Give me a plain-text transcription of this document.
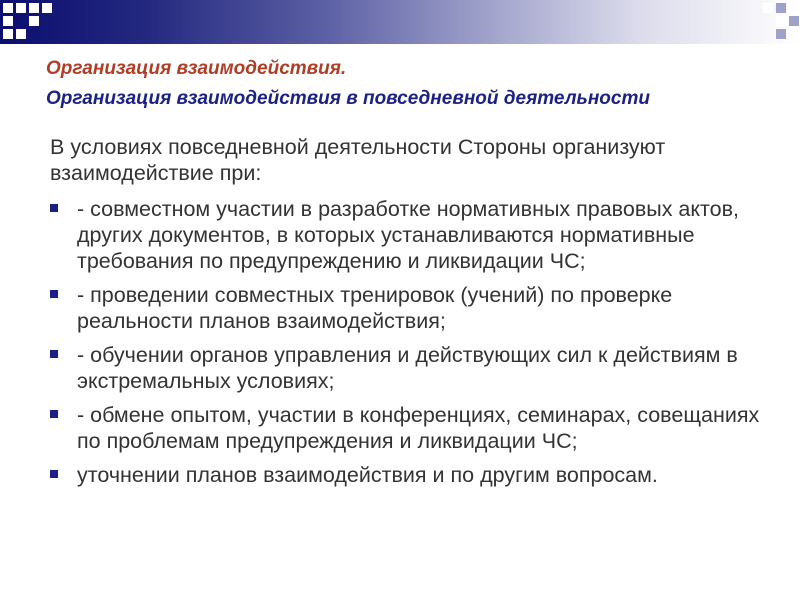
Организация взаимодействия.

Организация взаимодействия в повседневной деятельности

В условиях повседневной деятельности Стороны организуют взаимодействие при:

- совместном участии в разработке нормативных правовых актов, других документов, в которых устанавливаются нормативные требования по предупреждению и ликвидации ЧС;
- проведении совместных тренировок (учений) по проверке реальности планов взаимодействия;
- обучении органов управления и действующих сил к действиям в экстремальных условиях;
- обмене опытом, участии в конференциях, семинарах, совещаниях по проблемам предупреждения и ликвидации ЧС;
уточнении планов взаимодействия и по другим вопросам.
